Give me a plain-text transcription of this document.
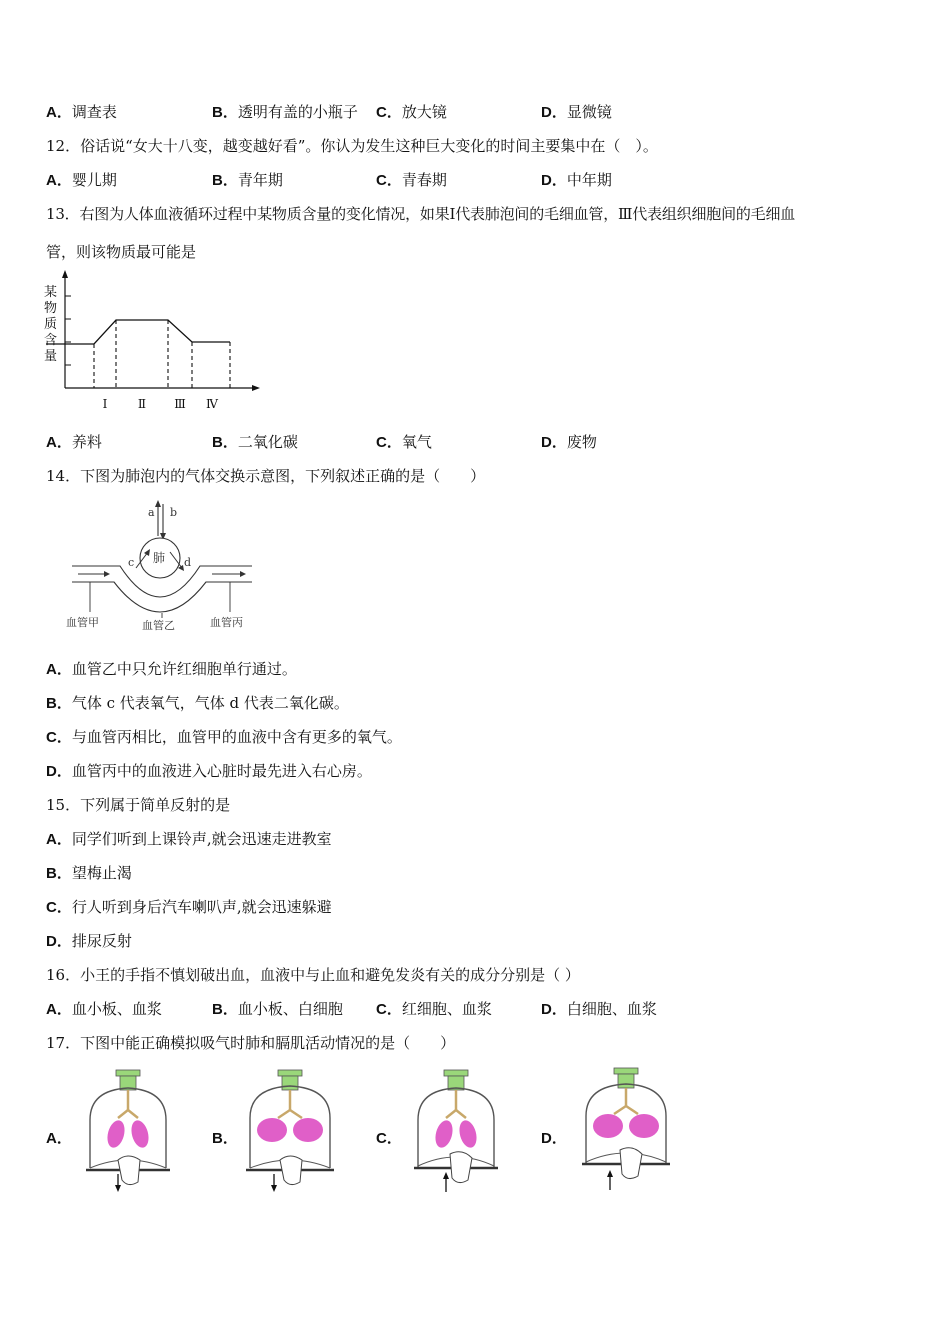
A．调查表	B．透明有盖的小瓶子 C．放大镜	D．显微镜
12．俗话说“女大十八变，越变越好看”。你认为发生这种巨大变化的时间主要集中在（　）。
A．婴儿期	B．青年期	C．青春期	D．中年期
13．右图为人体血液循环过程中某物质含量的变化情况，如果Ⅰ代表肺泡间的毛细血管，Ⅲ代表组织细胞间的毛细血
管，则该物质最可能是
某
物
质
含
量
Ⅰ	Ⅱ Ⅲ Ⅳ
A．养料	B．二氧化碳	C．氧气	D．废物
14．下图为肺泡内的气体交换示意图，下列叙述正确的是（　　）
a b
肺
c	d
血管甲	血管乙	血管丙
A．血管乙中只允许红细胞单行通过。
B．气体 c 代表氧气，气体 d 代表二氧化碳。
C．与血管丙相比，血管甲的血液中含有更多的氧气。
D．血管丙中的血液进入心脏时最先进入右心房。
15．下列属于简单反射的是
A．同学们听到上课铃声,就会迅速走进教室
B．望梅止渴
C．行人听到身后汽车喇叭声,就会迅速躲避
D．排尿反射
16．小王的手指不慎划破出血，血液中与止血和避免发炎有关的成分分别是（ ）
A．血小板、血浆	B．血小板、白细胞 C．红细胞、血浆	D．白细胞、血浆
17．下图中能正确模拟吸气时肺和膈肌活动情况的是（　　）
A．	B．	C．	D．
